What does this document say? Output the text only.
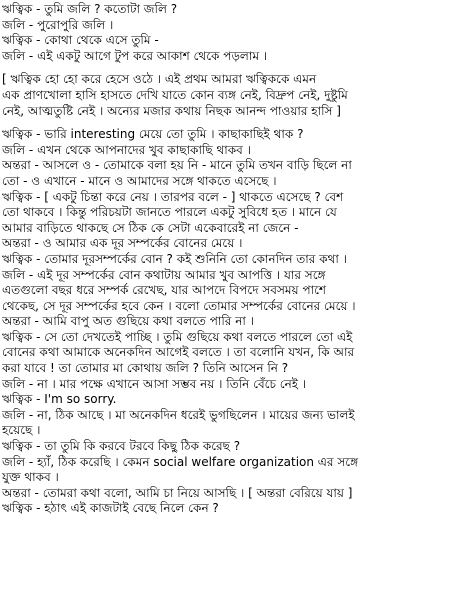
ঋত্বিক - তুমি জলি ? কতোটা জলি ?
জলি - পুরোপুরি জলি ।
ঋত্বিক - কোথা থেকে এসে তুমি -
জলি - এই একটু আগে টুপ করে আকাশ থেকে পড়লাম ।
[ ঋত্বিক হো হো করে হেসে ওঠে । এই প্রথম আমরা ঋত্বিককে এমন
এক প্রাণখোলা হাসি হাসতে দেখি যাতে কোন ব্যঙ্গ নেই, বিদ্রুপ নেই, দুষ্টুমি
নেই, আত্মতুষ্টি নেই । অন্যের মজার কথায় নিছক আনন্দ পাওয়ার হাসি ]
ঋত্বিক - ভারি interesting মেয়ে তো তুমি । কাছাকাছিই থাক ?
জলি - এখন থেকে আপনাদের খুব কাছাকাছি থাকব ।
অন্তরা - আসলে ও - তোমাকে বলা হয় নি - মানে তুমি তখন বাড়ি ছিলে না
তো - ও এখানে - মানে ও আমাদের সঙ্গে থাকতে এসেছে ।
ঋত্বিক - [ একটু চিন্তা করে নেয় । তারপর বলে - ] থাকতে এসেছে ? বেশ
তো থাকবে । কিন্তু পরিচয়টা জানতে পারলে একটু সুবিধে হত । মানে যে
আমার বাড়িতে থাকছে সে ঠিক কে সেটা একেবারেই না জেনে -
অন্তরা - ও আমার এক দূর সম্পর্কের বোনের মেয়ে ।
ঋত্বিক - তোমার দূরসম্পর্কের বোন ? কই শুনিনি তো কোনদিন তার কথা ।
জলি - এই দূর সম্পর্কের বোন কথাটায় আমার খুব আপত্তি । যার সঙ্গে
এতগুলো বছর ধরে সম্পর্ক রেখেছ, যার আপদে বিপদে সবসময় পাশে
থেকেছ, সে দূর সম্পর্কের হবে কেন । বলো তোমার সম্পর্কের বোনের মেয়ে ।
অন্তরা - আমি বাপু অত গুছিয়ে কথা বলতে পারি না ।
ঋত্বিক - সে তো দেখতেই পাচ্ছি । তুমি গুছিয়ে কথা বলতে পারলে তো এই
বোনের কথা আমাকে অনেকদিন আগেই বলতে । তা বলোনি যখন, কি আর
করা যাবে ! তা তোমার মা কোথায় জলি ? তিনি আসেন নি ?
জলি - না । মার পক্ষে এখানে আসা সম্ভব নয় । তিনি বেঁচে নেই ।
ঋত্বিক - I'm so sorry.
জলি - না, ঠিক আছে । মা অনেকদিন ধরেই ভুগছিলেন । মায়ের জন্য ভালই
হয়েছে ।
ঋত্বিক - তা তুমি কি করবে টরবে কিছু ঠিক করেছ ?
জলি - হ্যাঁ, ঠিক করেছি । কেমন social welfare organization এর সঙ্গে
যুক্ত থাকব ।
অন্তরা - তোমরা কথা বলো, আমি চা নিয়ে আসছি । [ অন্তরা বেরিয়ে যায় ]
ঋত্বিক - হঠাৎ এই কাজটাই বেছে নিলে কেন ?
